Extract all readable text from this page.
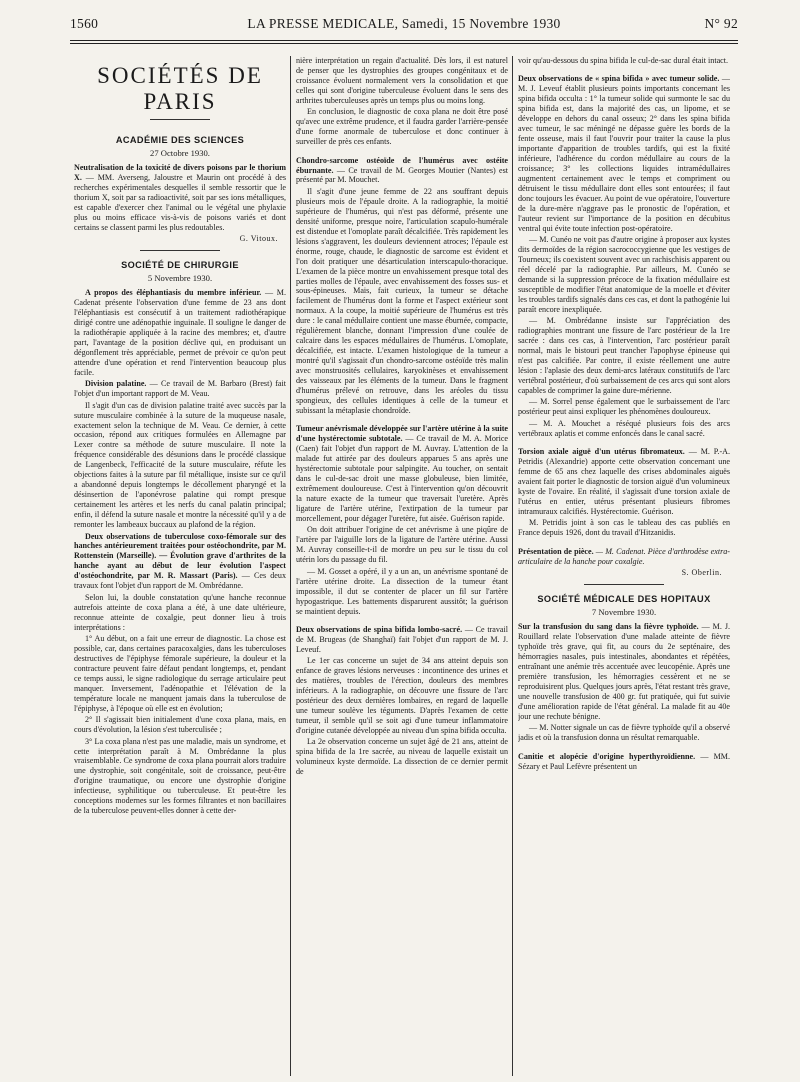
1560	LA PRESSE MEDICALE, Samedi, 15 Novembre 1930	N° 92
SOCIÉTÉS DE PARIS
ACADÉMIE DES SCIENCES
27 Octobre 1930.

Neutralisation de la toxicité de divers poisons par le thorium X. — MM. Averseng, Jaloustre et Maurin ont procédé à des recherches expérimentales desquelles il semble ressortir que le thorium X, soit par sa radioactivité, soit par ses ions métalliques, est capable d'exercer chez l'animal ou le végétal une phylaxie plus ou moins efficace vis-à-vis de poisons variés et dont certains se classent parmi les plus redoutables.

G. Vitoux.
SOCIÉTÉ DE CHIRURGIE
5 Novembre 1930.

A propos des éléphantiasis du membre inférieur. — M. Cadenat présente l'observation d'une femme de 23 ans dont l'éléphantiasis est consécutif à un traitement radiothérapique dirigé contre une adénopathie inguinale. Il souligne le danger de la radiothérapie appliquée à la racine des membres; et, d'autre part, l'avantage de la position déclive qui, en produisant un dégonflement très appréciable, permet de prévoir ce qu'on peut attendre d'une opération et rend l'intervention beaucoup plus facile.

Division palatine. — Ce travail de M. Barbaro (Brest) fait l'objet d'un important rapport de M. Veau.

Il s'agit d'un cas de division palatine traité avec succès par la suture musculaire combinée à la suture de la muqueuse nasale, exactement selon la technique de M. Veau. Ce dernier, à cette occasion, répond aux critiques formulées en Allemagne par Lexer contre sa méthode de suture musculaire. Il note la fréquence considérable des désunions dans le procédé classique de Langenbeck, l'efficacité de la suture musculaire, réfute les objections faites à la suture par fil métallique, insiste sur ce qu'il a abandonné depuis longtemps le décollement pharyngé et la désinsertion de l'aponévrose palatine qui rompt presque certainement les artères et les nerfs du canal palatin principal; enfin, il défend la suture nasale et montre la nécessité qu'il y a de remonter les lambeaux buccaux au plafond de la région.

Deux observations de tuberculose coxo-fémorale sur des hanches antérieurement traitées pour ostéochondrite, par M. Rottenstein (Marseille). — Évolution grave d'arthrites de la hanche ayant au début de leur évolution l'aspect d'ostéochondrite, par M. R. Massart (Paris). — Ces deux travaux font l'objet d'un rapport de M. Ombrédanne.

Selon lui, la double constatation qu'une hanche reconnue autrefois atteinte de coxa plana a été, à une date ultérieure, reconnue atteinte de coxalgie, peut donner lieu à trois interprétations :

1° Au début, on a fait une erreur de diagnostic. La chose est possible, car, dans certaines paracoxalgies, dans les tuberculoses destructives de l'épiphyse fémorale supérieure, la douleur et la contracture peuvent faire défaut pendant longtemps, et, pendant ce temps aussi, le signe radiologique du serrage articulaire peut manquer. Inversement, l'adénopathie et l'élévation de la température locale ne manquent jamais dans la tuberculose de l'épiphyse, à l'époque où elle est en évolution;

2° Il s'agissait bien initialement d'une coxa plana, mais, en cours d'évolution, la lésion s'est tuberculisée ;

3° La coxa plana n'est pas une maladie, mais un syndrome, et cette interprétation paraît à M. Ombrédanne la plus vraisemblable. Ce syndrome de coxa plana pourrait alors traduire une dystrophie, soit congénitale, soit de croissance, peut-être d'origine traumatique, ou encore une dystrophie d'origine infectieuse, syphilitique ou tuberculeuse. Et peut-être les conceptions modernes sur les formes filtrantes et non bacillaires de la tuberculose peuvent-elles donner à cette der-

nière interprétation un regain d'actualité. Dès lors, il est naturel de penser que les dystrophies des groupes congénitaux et de croissance évoluent normalement vers la consolidation et que celles qui sont d'origine tuberculeuse évoluent dans le sens des arthrites tuberculeuses après un temps plus ou moins long.

En conclusion, le diagnostic de coxa plana ne doit être posé qu'avec une extrême prudence, et il faudra garder l'arrière-pensée d'une forme anormale de tuberculose et donc continuer à surveiller de près ces enfants.

Chondro-sarcome ostéoïde de l'humérus avec ostéite éburnante. — Ce travail de M. Georges Moutier (Nantes) est présenté par M. Mouchet.

Il s'agit d'une jeune femme de 22 ans souffrant depuis plusieurs mois de l'épaule droite. A la radiographie, la moitié supérieure de l'humérus, qui n'est pas déformé, présente une densité uniforme, presque noire, l'articulation scapulo-humérale est distendue et l'omoplate paraît décalcifiée. Très rapidement les lésions s'aggravent, les douleurs deviennent atroces; l'épaule est énorme, rouge, chaude, le diagnostic de sarcome est évident et l'on doit pratiquer une désarticulation interscapulo-thoracique. L'examen de la pièce montre un envahissement presque total des parties molles de l'épaule, avec envahissement des fosses sus- et sous-épineuses. Mais, fait curieux, la tumeur se détache facilement de l'humérus dont la forme et l'aspect extérieur sont normaux. A la coupe, la moitié supérieure de l'humérus est très dure : le canal médullaire contient une masse éburnée, compacte, régulièrement blanche, donnant l'impression d'une coulée de calcaire dans les espaces médullaires de l'humérus. L'omoplate, décalcifiée, est intacte. L'examen histologique de la tumeur a montré qu'il s'agissait d'un chondro-sarcome ostéoïde très malin avec monstruosités cellulaires, karyokinèses et envahissement des vaisseaux par les éléments de la tumeur. Dans le fragment d'humérus prélevé on retrouve, dans les aréoles du tissu spongieux, des cellules identiques à celle de la tumeur et subissant la métaplasie chondroïde.

Tumeur anévrismale développée sur l'artère utérine à la suite d'une hystérectomie subtotale. — Ce travail de M. A. Morice (Caen) fait l'objet d'un rapport de M. Auvray. L'attention de la malade fut attirée par des douleurs apparues 5 ans après une hystérectomie subtotale pour salpingite. Au toucher, on sentait dans le cul-de-sac droit une masse globuleuse, bien limitée, extrêmement douloureuse. C'est à l'intervention qu'on découvrit la nature exacte de la tumeur que traversait l'uretère. Après ligature de l'artère utérine, l'extirpation de la tumeur par morcellement, pour dégager l'uretère, fut aisée. Guérison rapide.

On doit attribuer l'origine de cet anévrisme à une piqûre de l'artère par l'aiguille lors de la ligature de l'artère utérine. Aussi M. Auvray conseille-t-il de mordre un peu sur le tissu du col utérin lors du passage du fil.

— M. Gosset a opéré, il y a un an, un anévrisme spontané de l'artère utérine droite. La dissection de la tumeur étant impossible, il dut se contenter de placer un fil sur l'artère hypogastrique. Les battements disparurent aussitôt; la guérison se maintient depuis.

Deux observations de spina bifida lombo-sacré. — Ce travail de M. Brugeas (de Shanghaï) fait l'objet d'un rapport de M. J. Leveuf.

Le 1er cas concerne un sujet de 34 ans atteint depuis son enfance de graves lésions nerveuses : incontinence des urines et des matières, troubles de l'érection, douleurs des membres inférieurs. A la radiographie, on découvre une fissure de l'arc postérieur des deux dernières lombaires, en regard de laquelle une tumeur soulève les téguments. D'après l'examen de cette tumeur, il semble qu'il se soit agi d'une tumeur inflammatoire d'origine cutanée développée au niveau d'un spina bifida occulta.

La 2e observation concerne un sujet âgé de 21 ans, atteint de spina bifida de la 1re sacrée, au niveau de laquelle existait un volumineux kyste dermoïde. La dissection de ce dernier permit de

voir qu'au-dessous du spina bifida le cul-de-sac dural était intact.

Deux observations de « spina bifida » avec tumeur solide. — M. J. Leveuf établit plusieurs points importants concernant les spina bifida occulta : 1° la tumeur solide qui surmonte le sac du spina bifida est, dans la majorité des cas, un lipome, et se développe en dehors du canal osseux; 2° dans les spina bifida avec tumeur, le sac méningé ne dépasse guère les bords de la fente osseuse, mais il faut l'ouvrir pour traiter la cause la plus importante d'apparition de troubles tardifs, qui est la fixité inférieure, l'adhérence du cordon médullaire au cours de la croissance; 3° les collections liquides intramédullaires augmentent certainement avec le temps et compriment ou détruisent le tissu médullaire dont elles sont entourées; il faut donc toujours les évacuer. Au point de vue opératoire, l'ouverture de la dure-mère n'aggrave pas le pronostic de l'opération, et l'auteur revient sur l'importance de la position en décubitus ventral qui évite toute infection post-opératoire.

— M. Cunéo ne voit pas d'autre origine à proposer aux kystes dits dermoïdes de la région sacrococcygienne que les vestiges de Tourneux; ils coexistent souvent avec un rachischisis apparent ou réel décelé par la radiographie. Par ailleurs, M. Cunéo se demande si la suppression précoce de la fixation médullaire est susceptible de modifier l'état anatomique de la moelle et d'éviter les troubles tardifs signalés dans ces cas, et dont la pathogénie lui paraît encore inexpliquée.

— M. Ombrédanne insiste sur l'appréciation des radiographies montrant une fissure de l'arc postérieur de la 1re sacrée : dans ces cas, à l'intervention, l'arc postérieur paraît normal, mais le bistouri peut trancher l'apophyse épineuse qui n'est pas calcifiée. Par contre, il existe réellement une autre lésion : l'aplasie des deux demi-arcs latéraux constitutifs de l'arc vertébral postérieur, d'où surbaissement de ces arcs qui sont alors capables de comprimer la gaine dure-mérienne.

— M. Sorrel pense également que le surbaissement de l'arc postérieur peut ainsi expliquer les phénomènes douloureux.

— M. A. Mouchet a réséqué plusieurs fois des arcs vertébraux aplatis et comme enfoncés dans le canal sacré.

Torsion axiale aiguë d'un utérus fibromateux. — M. P.-A. Petridis (Alexandrie) apporte cette observation concernant une femme de 65 ans chez laquelle des crises abdominales aiguës avaient fait porter le diagnostic de torsion aiguë d'un volumineux kyste de l'ovaire. En réalité, il s'agissait d'une torsion axiale de l'utérus en entier, utérus présentant plusieurs fibromes intramuraux calcifiés. Hystérectomie. Guérison.

M. Petridis joint à son cas le tableau des cas publiés en France depuis 1926, dont du travail d'Hitzanidis.

Présentation de pièce. — M. Cadenat. Pièce d'arthrodèse extra-articulaire de la hanche pour coxalgie.

S. Oberlin.
SOCIÉTÉ MÉDICALE DES HOPITAUX
7 Novembre 1930.

Sur la transfusion du sang dans la fièvre typhoïde. — M. J. Rouillard relate l'observation d'une malade atteinte de fièvre typhoïde très grave, qui fit, au cours du 2e septénaire, des hémorragies nasales, puis intestinales, abondantes et répétées, entraînant une anémie très accentuée avec leucopénie. Après une première transfusion, les hémorragies cessèrent et ne se reproduisirent plus. Quelques jours après, l'état restant très grave, une nouvelle transfusion de 400 gr. fut pratiquée, qui fut suivie d'une amélioration rapide de l'état général. La malade fit au 40e jour une rechute bénigne.

— M. Notter signale un cas de fièvre typhoïde qu'il a observé jadis et où la transfusion donna un résultat remarquable.

Canitie et alopécie d'origine hyperthyroïdienne. — MM. Sézary et Paul Lefèvre présentent un
